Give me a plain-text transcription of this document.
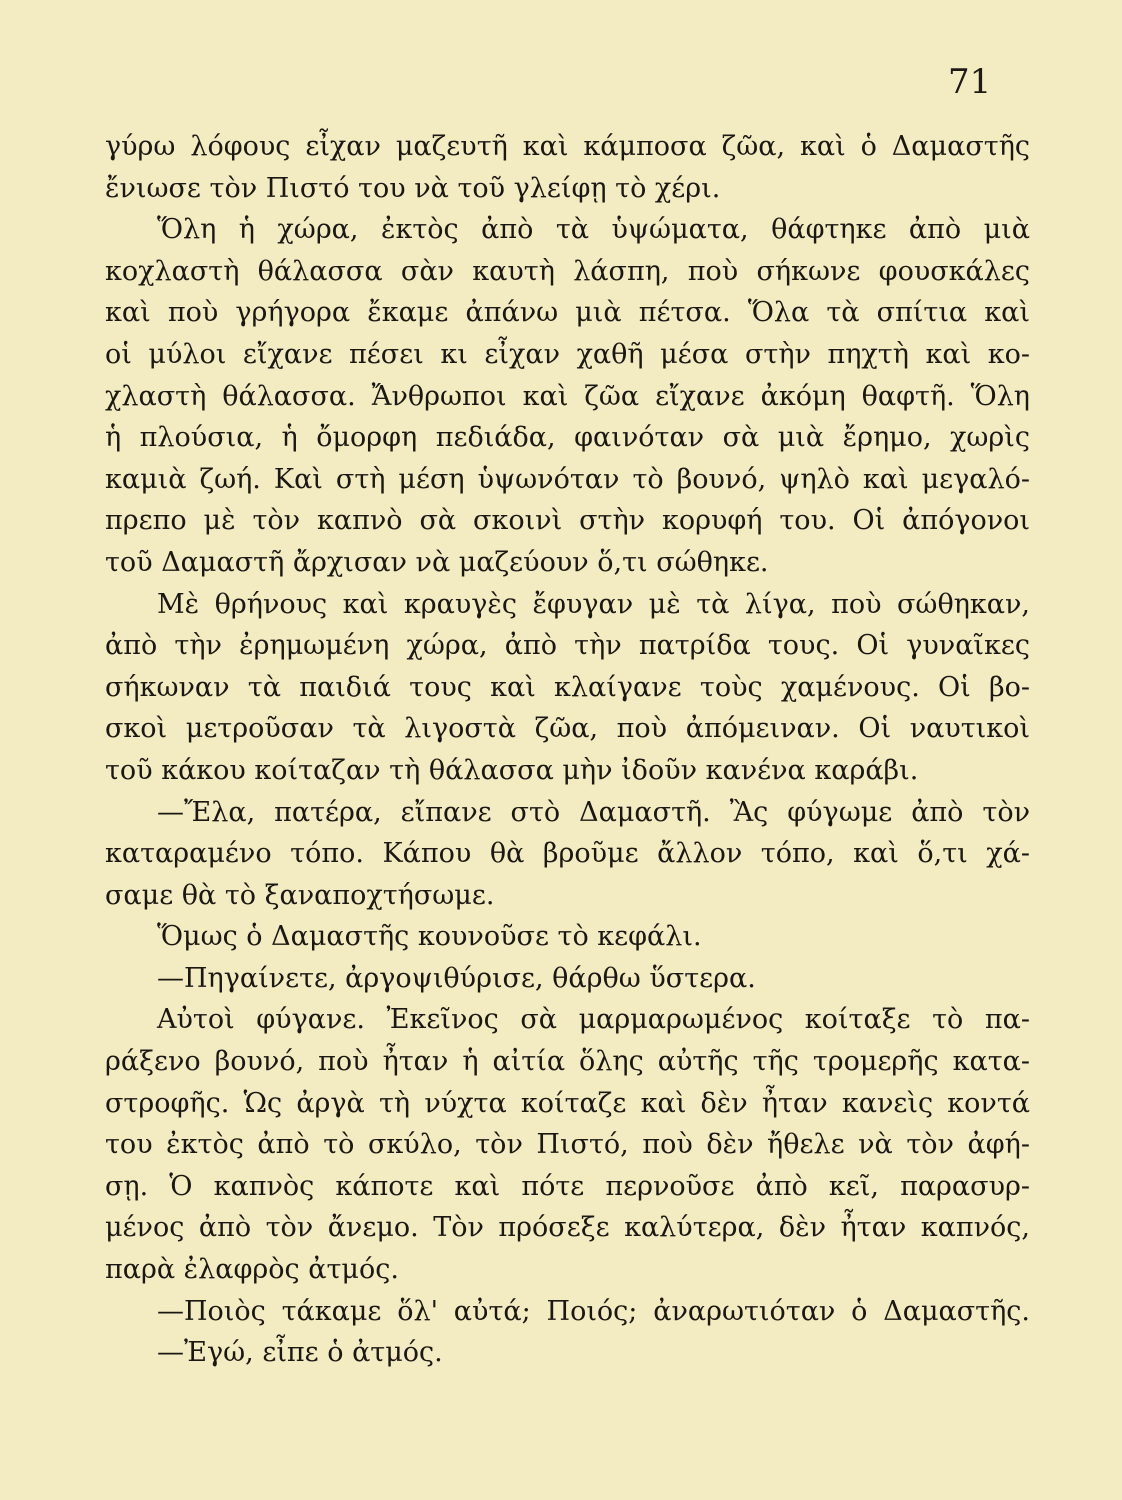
71
γύρω λόφους εἶχαν μαζευτῆ καὶ κάμποσα ζῶα, καὶ ὁ Δαμαστῆς
ἔνιωσε τὸν Πιστό του νὰ τοῦ γλείφῃ τὸ χέρι.
Ὅλη ἡ χώρα, ἐκτὸς ἀπὸ τὰ ὑψώματα, θάφτηκε ἀπὸ μιὰ
κοχλαστὴ θάλασσα σὰν καυτὴ λάσπη, ποὺ σήκωνε φουσκάλες
καὶ ποὺ γρήγορα ἔκαμε ἀπάνω μιὰ πέτσα. Ὅλα τὰ σπίτια καὶ
οἱ μύλοι εἴχανε πέσει κι εἶχαν χαθῆ μέσα στὴν πηχτὴ καὶ κο-
χλαστὴ θάλασσα. Ἄνθρωποι καὶ ζῶα εἴχανε ἀκόμη θαφτῆ. Ὅλη
ἡ πλούσια, ἡ ὄμορφη πεδιάδα, φαινόταν σὰ μιὰ ἔρημο, χωρὶς
καμιὰ ζωή. Καὶ στὴ μέση ὑψωνόταν τὸ βουνό, ψηλὸ καὶ μεγαλό-
πρεπο μὲ τὸν καπνὸ σὰ σκοινὶ στὴν κορυφή του. Οἱ ἀπόγονοι
τοῦ Δαμαστῆ ἄρχισαν νὰ μαζεύουν ὅ,τι σώθηκε.
Μὲ θρήνους καὶ κραυγὲς ἔφυγαν μὲ τὰ λίγα, ποὺ σώθηκαν,
ἀπὸ τὴν ἐρημωμένη χώρα, ἀπὸ τὴν πατρίδα τους. Οἱ γυναῖκες
σήκωναν τὰ παιδιά τους καὶ κλαίγανε τοὺς χαμένους. Οἱ βο-
σκοὶ μετροῦσαν τὰ λιγοστὰ ζῶα, ποὺ ἀπόμειναν. Οἱ ναυτικοὶ
τοῦ κάκου κοίταζαν τὴ θάλασσα μὴν ἰδοῦν κανένα καράβι.
—Ἔλα, πατέρα, εἴπανε στὸ Δαμαστῆ. Ἂς φύγωμε ἀπὸ τὸν
καταραμένο τόπο. Κάπου θὰ βροῦμε ἄλλον τόπο, καὶ ὅ,τι χά-
σαμε θὰ τὸ ξαναποχτήσωμε.
Ὅμως ὁ Δαμαστῆς κουνοῦσε τὸ κεφάλι.
—Πηγαίνετε, ἀργοψιθύρισε, θάρθω ὕστερα.
Αὐτοὶ φύγανε. Ἐκεῖνος σὰ μαρμαρωμένος κοίταξε τὸ πα-
ράξενο βουνό, ποὺ ἦταν ἡ αἰτία ὅλης αὐτῆς τῆς τρομερῆς κατα-
στροφῆς. Ὡς ἀργὰ τὴ νύχτα κοίταζε καὶ δὲν ἦταν κανεὶς κοντά
του ἐκτὸς ἀπὸ τὸ σκύλο, τὸν Πιστό, ποὺ δὲν ἤθελε νὰ τὸν ἀφή-
σῃ. Ὁ καπνὸς κάποτε καὶ πότε περνοῦσε ἀπὸ κεῖ, παρασυρ-
μένος ἀπὸ τὸν ἄνεμο. Τὸν πρόσεξε καλύτερα, δὲν ἦταν καπνός,
παρὰ ἐλαφρὸς ἀτμός.
—Ποιὸς τάκαμε ὅλ' αὐτά; Ποιός; ἀναρωτιόταν ὁ Δαμαστῆς.
—Ἐγώ, εἶπε ὁ ἀτμός.
